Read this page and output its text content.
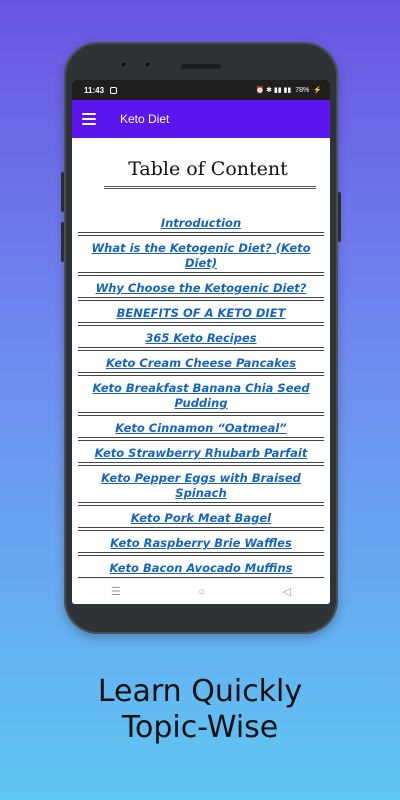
11:43	⏰ ✱ ▮▮ ▮▮ 78% ⚡
Keto Diet
Table of Content
Introduction
What is the Ketogenic Diet? (Keto Diet)
Why Choose the Ketogenic Diet?
BENEFITS OF A KETO DIET
365 Keto Recipes
Keto Cream Cheese Pancakes
Keto Breakfast Banana Chia Seed Pudding
Keto Cinnamon “Oatmeal”
Keto Strawberry Rhubarb Parfait
Keto Pepper Eggs with Braised Spinach
Keto Pork Meat Bagel
Keto Raspberry Brie Waffles
Keto Bacon Avocado Muffins
☰	○	◁
Learn Quickly
Topic-Wise
